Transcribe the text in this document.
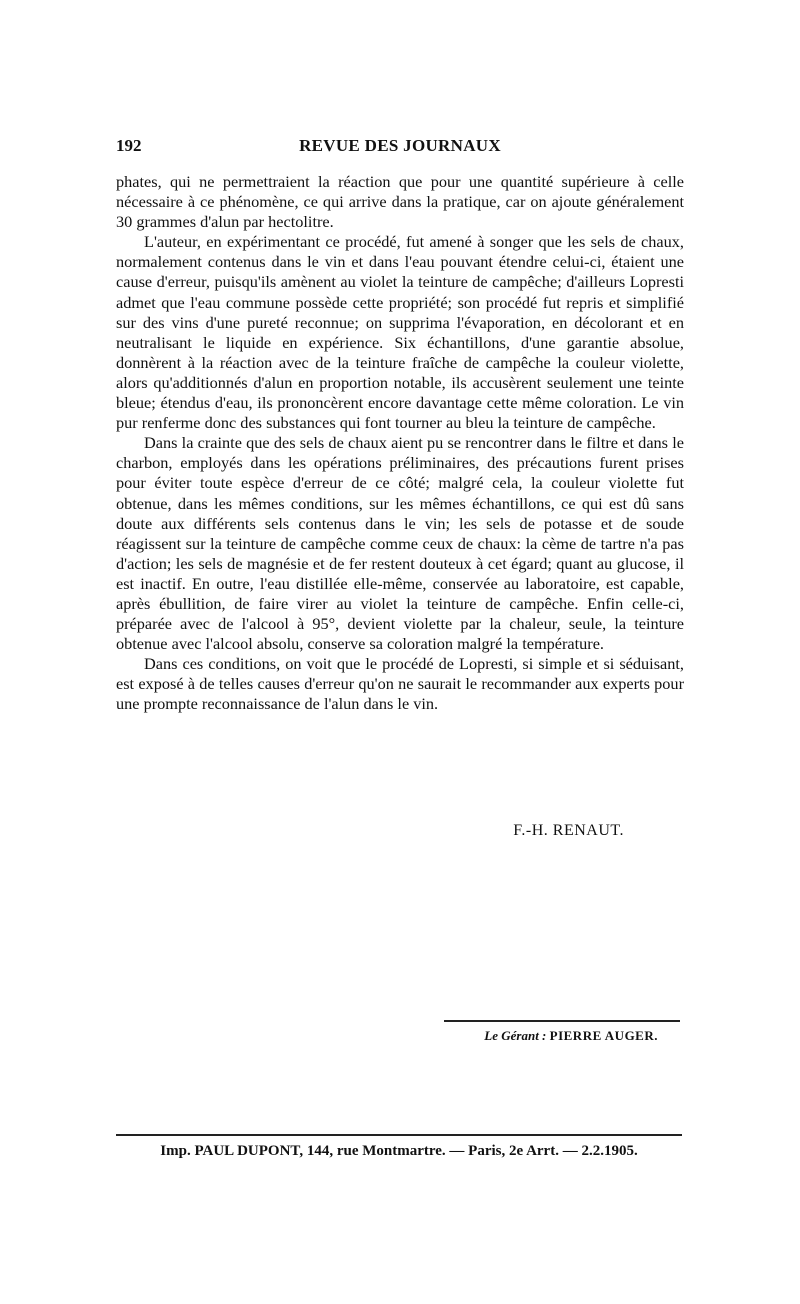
192	REVUE DES JOURNAUX

phates, qui ne permettraient la réaction que pour une quantité supérieure à celle nécessaire à ce phénomène, ce qui arrive dans la pratique, car on ajoute généralement 30 grammes d'alun par hectolitre.

L'auteur, en expérimentant ce procédé, fut amené à songer que les sels de chaux, normalement contenus dans le vin et dans l'eau pouvant étendre celui-ci, étaient une cause d'erreur, puisqu'ils amènent au violet la teinture de campêche; d'ailleurs Lopresti admet que l'eau commune possède cette propriété; son procédé fut repris et simplifié sur des vins d'une pureté reconnue; on supprima l'évaporation, en décolorant et en neutralisant le liquide en expérience. Six échantillons, d'une garantie absolue, donnèrent à la réaction avec de la teinture fraîche de campêche la couleur violette, alors qu'additionnés d'alun en proportion notable, ils accusèrent seulement une teinte bleue; étendus d'eau, ils prononcèrent encore davantage cette même coloration. Le vin pur renferme donc des substances qui font tourner au bleu la teinture de campêche.

Dans la crainte que des sels de chaux aient pu se rencontrer dans le filtre et dans le charbon, employés dans les opérations préliminaires, des précautions furent prises pour éviter toute espèce d'erreur de ce côté; malgré cela, la couleur violette fut obtenue, dans les mêmes conditions, sur les mêmes échantillons, ce qui est dû sans doute aux différents sels contenus dans le vin; les sels de potasse et de soude réagissent sur la teinture de campêche comme ceux de chaux: la cème de tartre n'a pas d'action; les sels de magnésie et de fer restent douteux à cet égard; quant au glucose, il est inactif. En outre, l'eau distillée elle-même, conservée au laboratoire, est capable, après ébullition, de faire virer au violet la teinture de campêche. Enfin celle-ci, préparée avec de l'alcool à 95°, devient violette par la chaleur, seule, la teinture obtenue avec l'alcool absolu, conserve sa coloration malgré la température.

Dans ces conditions, on voit que le procédé de Lopresti, si simple et si séduisant, est exposé à de telles causes d'erreur qu'on ne saurait le recommander aux experts pour une prompte reconnaissance de l'alun dans le vin.

F.-H. RENAUT.
Le Gérant : PIERRE AUGER.
Imp. PAUL DUPONT, 144, rue Montmartre. — Paris, 2e Arrt. — 2.2.1905.
